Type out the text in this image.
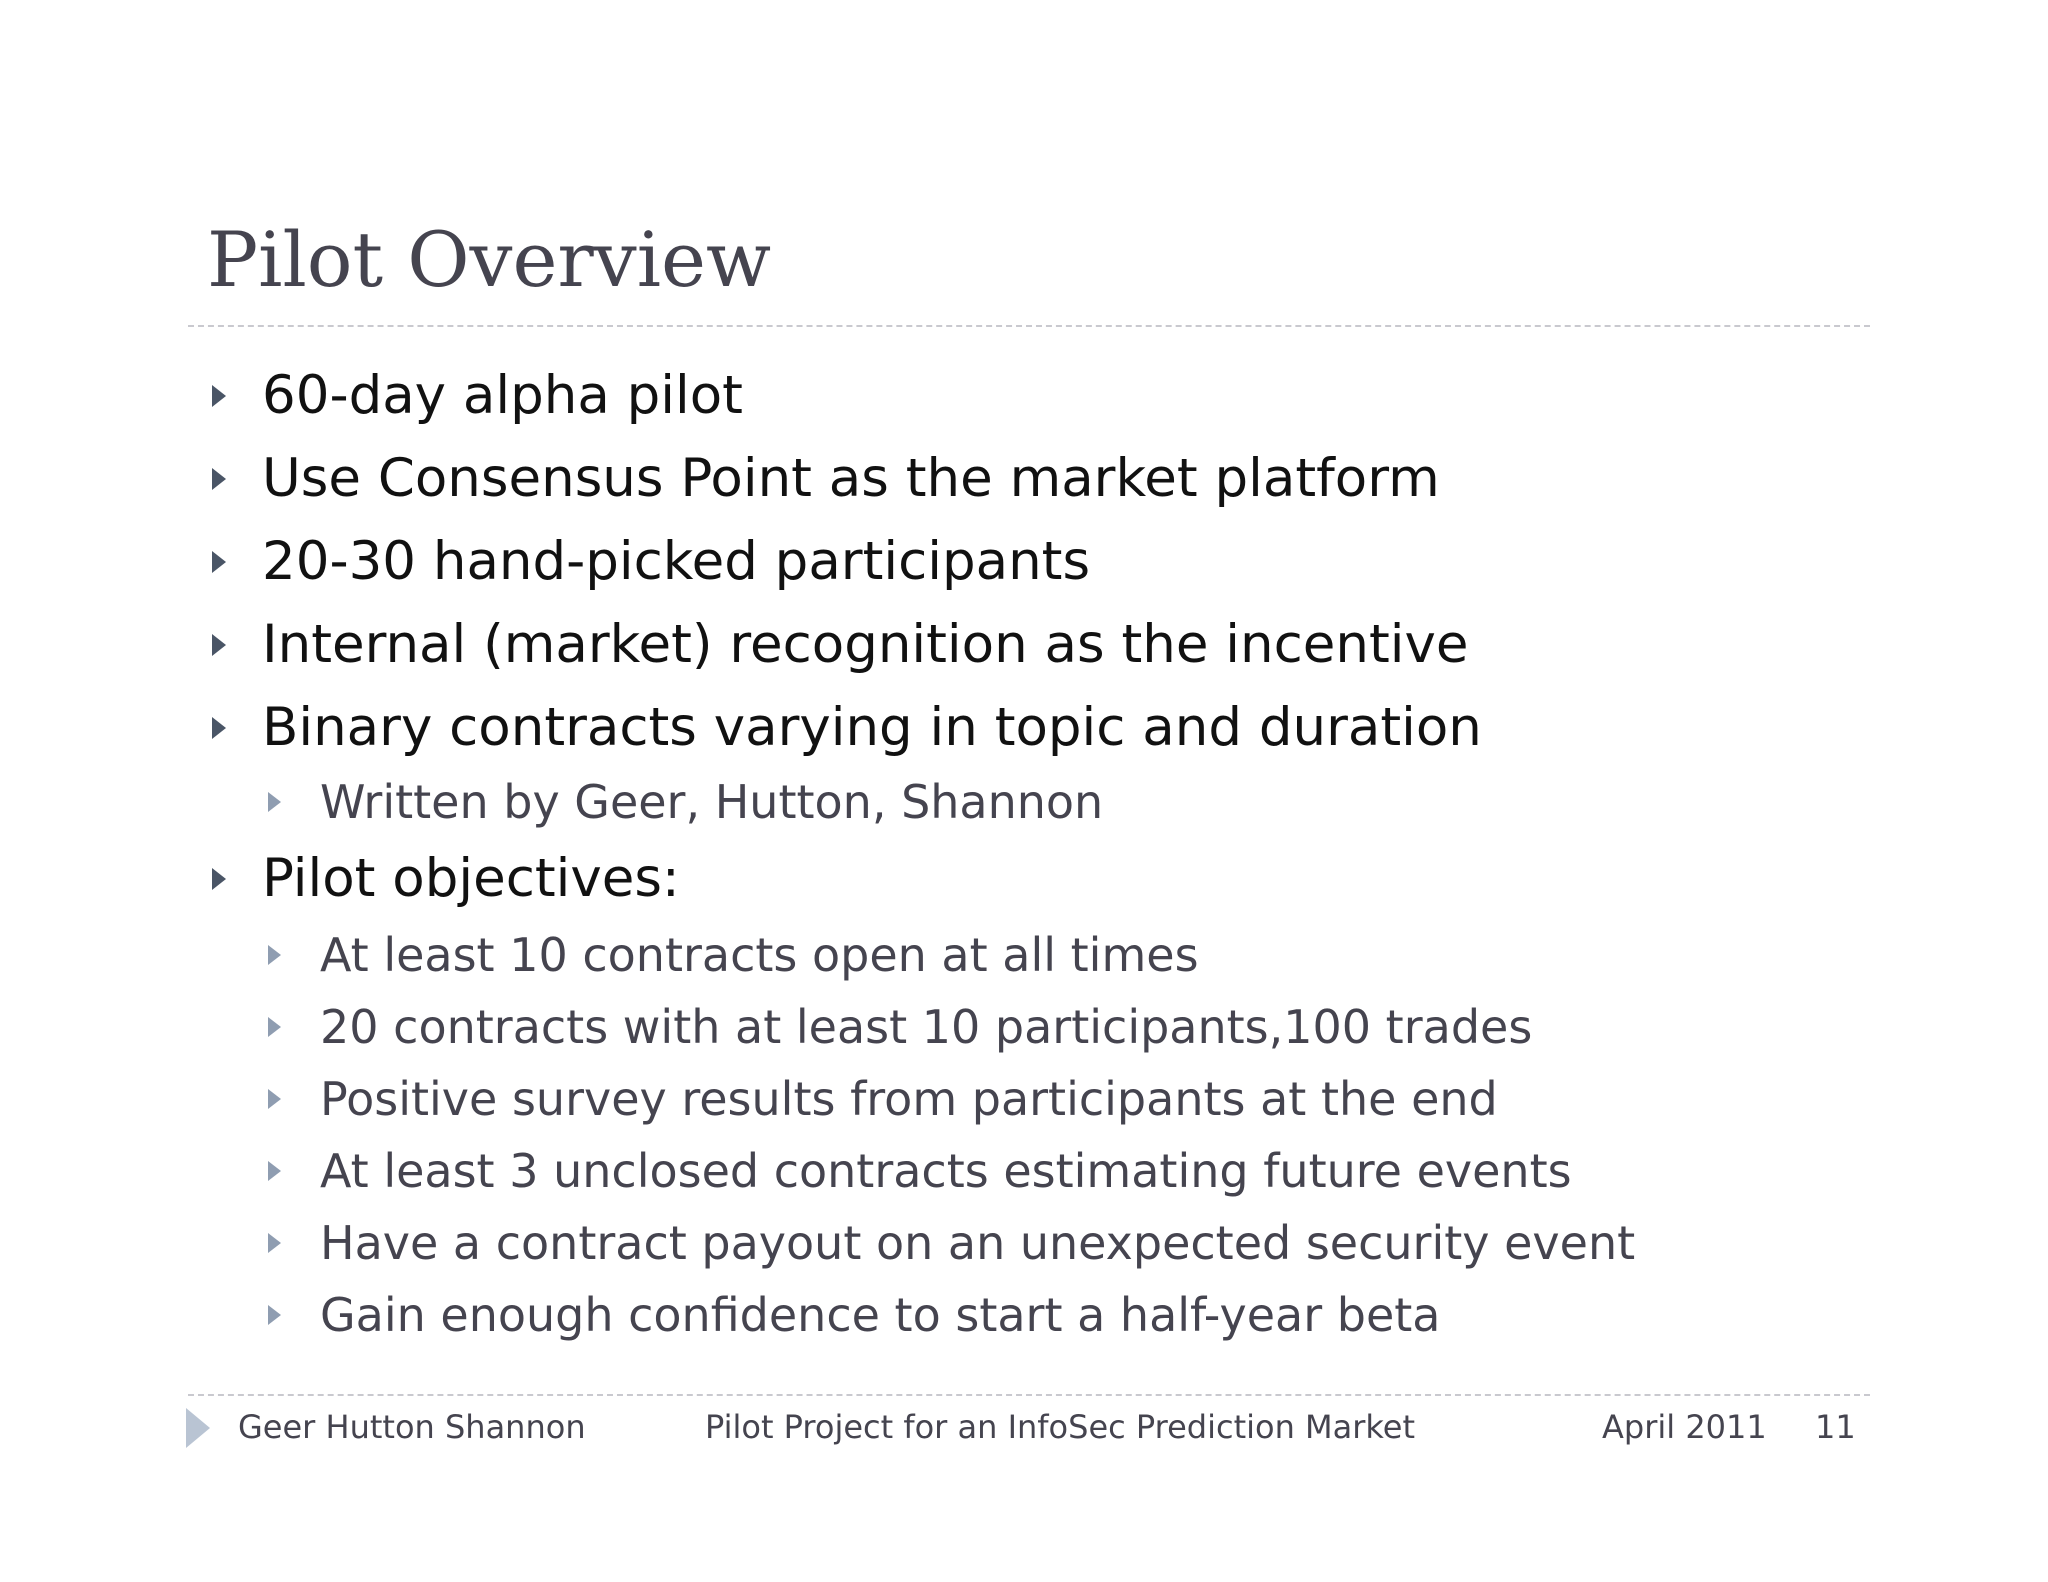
Pilot Overview
60-day alpha pilot
Use Consensus Point as the market platform
20-30 hand-picked participants
Internal (market) recognition as the incentive
Binary contracts varying in topic and duration
Written by Geer, Hutton, Shannon
Pilot objectives:
At least 10 contracts open at all times
20 contracts with at least 10 participants,100 trades
Positive survey results from participants at the end
At least 3 unclosed contracts estimating future events
Have a contract payout on an unexpected security event
Gain enough confidence to start a half-year beta
Geer Hutton Shannon	Pilot Project for an InfoSec Prediction Market	April 2011 11
